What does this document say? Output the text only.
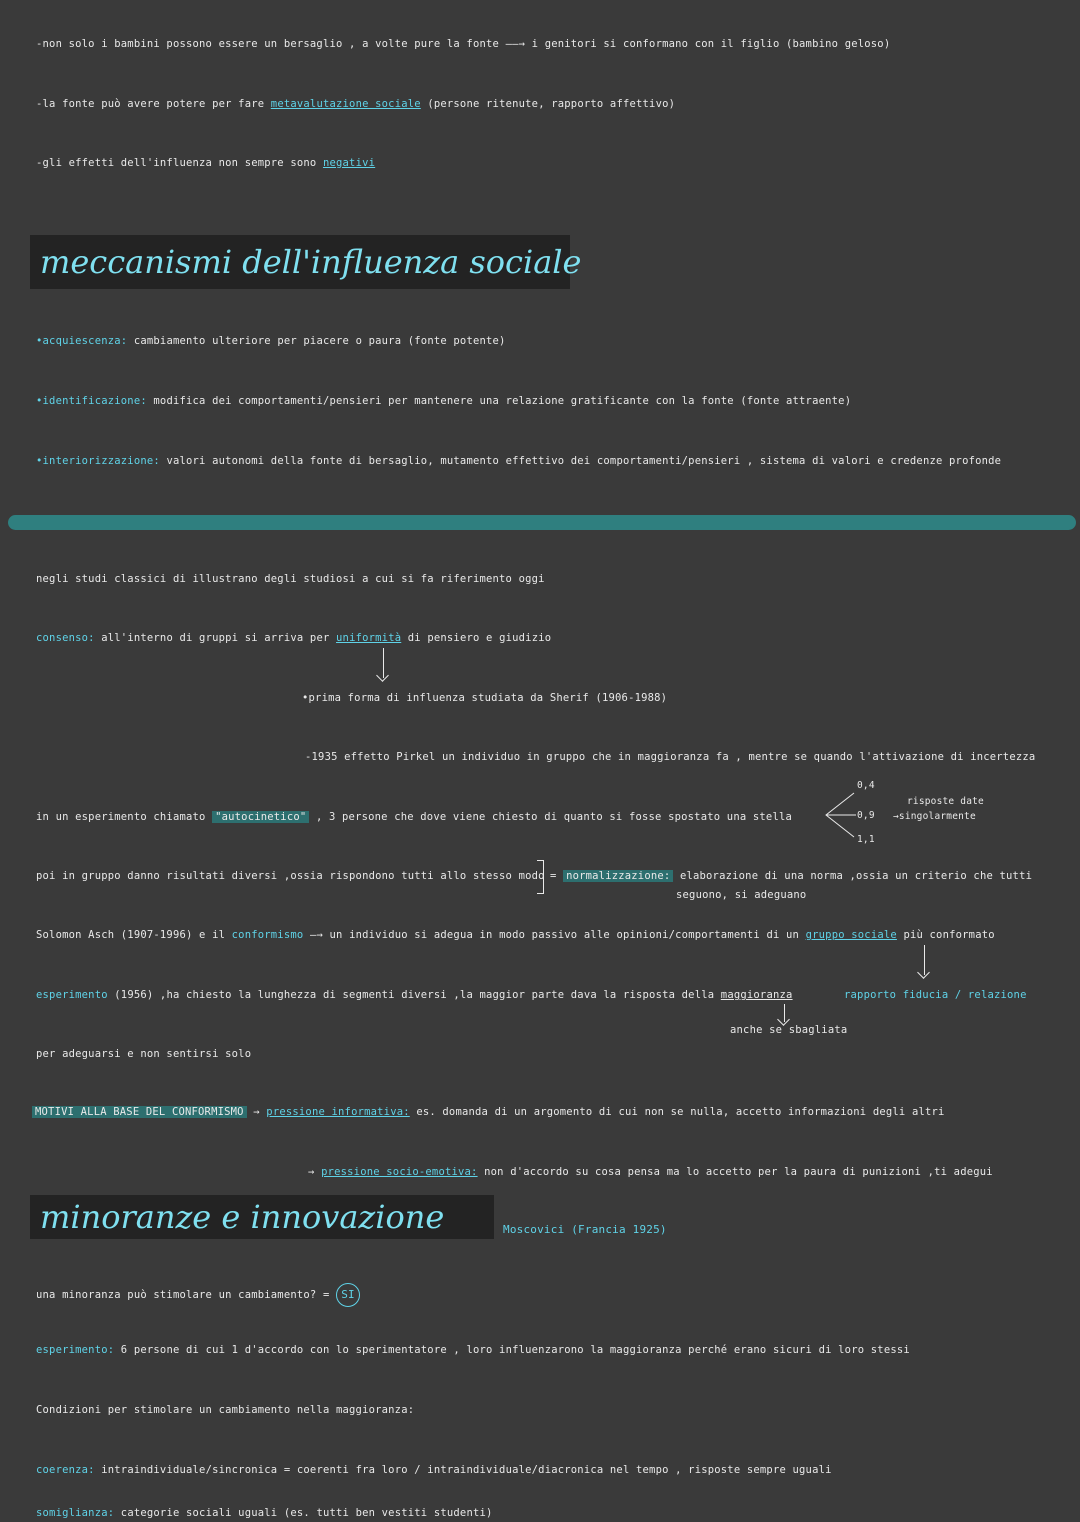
-non solo i bambini possono essere un bersaglio , a volte pure la fonte ——→ i genitori si conformano con il figlio (bambino geloso)
-la fonte può avere potere per fare metavalutazione sociale (persone ritenute, rapporto affettivo)
-gli effetti dell'influenza non sempre sono negativi
meccanismi dell'influenza sociale
•acquiescenza: cambiamento ulteriore per piacere o paura (fonte potente)
•identificazione: modifica dei comportamenti/pensieri per mantenere una relazione gratificante con la fonte (fonte attraente)
•interiorizzazione: valori autonomi della fonte di bersaglio, mutamento effettivo dei comportamenti/pensieri , sistema di valori e credenze profonde
negli studi classici di illustrano degli studiosi a cui si fa riferimento oggi
consenso: all'interno di gruppi si arriva per uniformità di pensiero e giudizio
•prima forma di influenza studiata da Sherif (1906-1988)
-1935 effetto Pirkel un individuo in gruppo che in maggioranza fa , mentre se quando l'attivazione di incertezza
in un esperimento chiamato "autocinetico" , 3 persone che dove viene chiesto di quanto si fosse spostato una stella
0,4
0,9
1,1
risposte date
→singolarmente
poi in gruppo danno risultati diversi ,ossia rispondono tutti allo stesso modo = normalizzazione: elaborazione di una norma ,ossia un criterio che tutti
seguono, si adeguano
Solomon Asch (1907-1996) e il conformismo —→ un individuo si adegua in modo passivo alle opinioni/comportamenti di un gruppo sociale più conformato
esperimento (1956) ,ha chiesto la lunghezza di segmenti diversi ,la maggior parte dava la risposta della maggioranza	rapporto fiducia / relazione
anche se sbagliata
per adeguarsi e non sentirsi solo
MOTIVI ALLA BASE DEL CONFORMISMO → pressione informativa: es. domanda di un argomento di cui non se nulla, accetto informazioni degli altri
→ pressione socio-emotiva: non d'accordo su cosa pensa ma lo accetto per la paura di punizioni ,ti adegui
minoranze e innovazione	Moscovici (Francia 1925)
una minoranza può stimolare un cambiamento? = SI
esperimento: 6 persone di cui 1 d'accordo con lo sperimentatore , loro influenzarono la maggioranza perché erano sicuri di loro stessi
Condizioni per stimolare un cambiamento nella maggioranza:
coerenza: intraindividuale/sincronica = coerenti fra loro / intraindividuale/diacronica nel tempo , risposte sempre uguali
somiglianza: categorie sociali uguali (es. tutti ben vestiti studenti)
